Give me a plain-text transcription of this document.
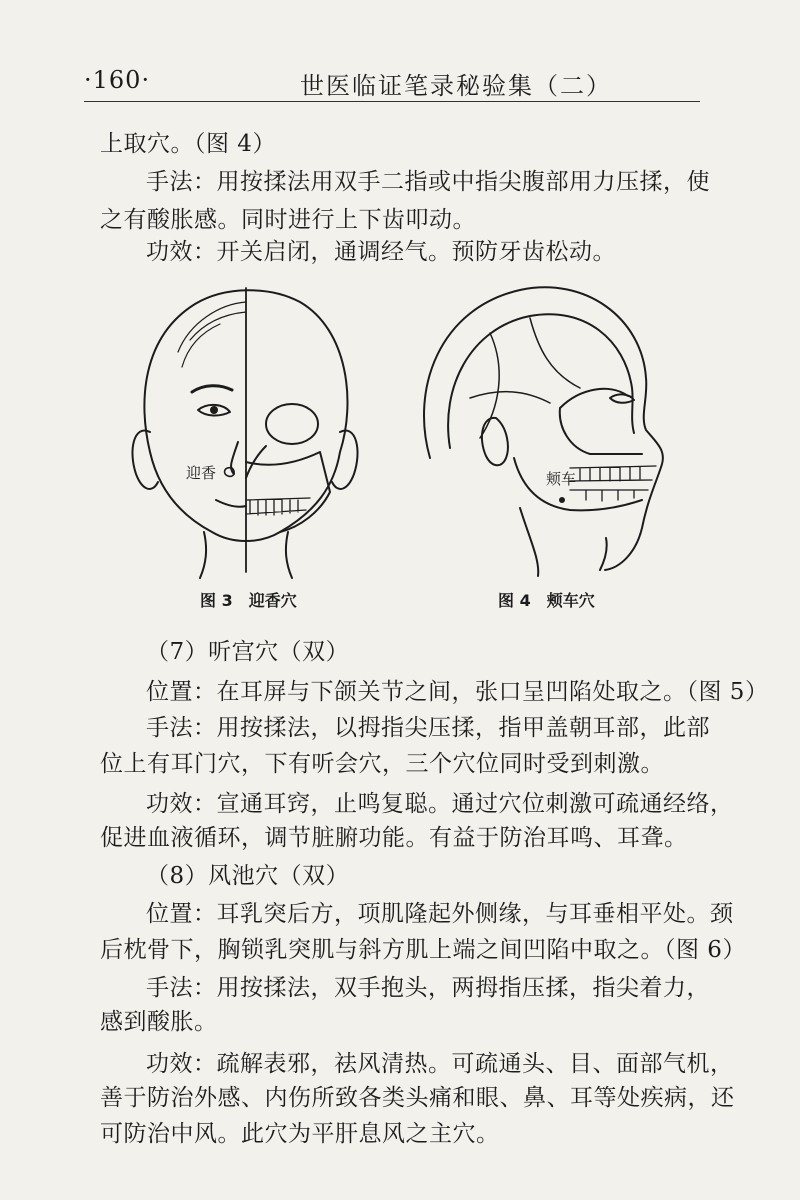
·160·	世医临证笔录秘验集（二）
上取穴。（图 4）
手法：用按揉法用双手二指或中指尖腹部用力压揉，使
之有酸胀感。同时进行上下齿叩动。
功效：开关启闭，通调经气。预防牙齿松动。
迎香
图 3　迎香穴
颊车
图 4　颊车穴
（7）听宫穴（双）
位置：在耳屏与下颌关节之间，张口呈凹陷处取之。（图 5）
手法：用按揉法，以拇指尖压揉，指甲盖朝耳部，此部
位上有耳门穴，下有听会穴，三个穴位同时受到刺激。
功效：宣通耳窍，止鸣复聪。通过穴位刺激可疏通经络，
促进血液循环，调节脏腑功能。有益于防治耳鸣、耳聋。
（8）风池穴（双）
位置：耳乳突后方，项肌隆起外侧缘，与耳垂相平处。颈
后枕骨下，胸锁乳突肌与斜方肌上端之间凹陷中取之。（图 6）
手法：用按揉法，双手抱头，两拇指压揉，指尖着力，
感到酸胀。
功效：疏解表邪，祛风清热。可疏通头、目、面部气机，
善于防治外感、内伤所致各类头痛和眼、鼻、耳等处疾病，还
可防治中风。此穴为平肝息风之主穴。
